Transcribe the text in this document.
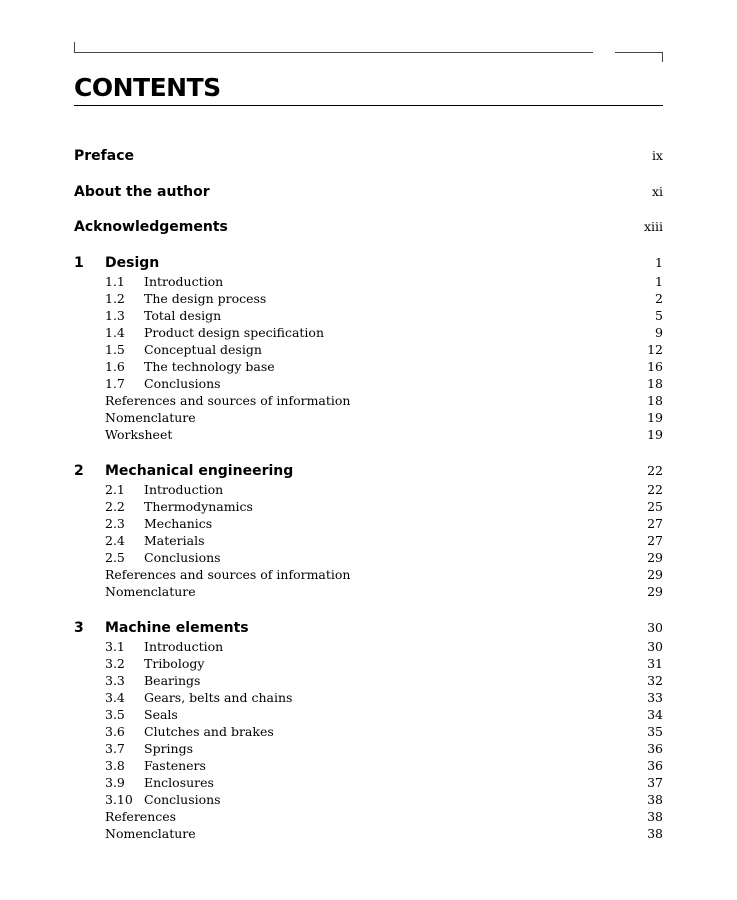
CONTENTS
Preface	ix
About the author	xi
Acknowledgements	xiii
1	Design	1
1.1	Introduction	1
1.2	The design process	2
1.3	Total design	5
1.4	Product design specification	9
1.5	Conceptual design	12
1.6	The technology base	16
1.7	Conclusions	18
References and sources of information	18
Nomenclature	19
Worksheet	19
2	Mechanical engineering	22
2.1	Introduction	22
2.2	Thermodynamics	25
2.3	Mechanics	27
2.4	Materials	27
2.5	Conclusions	29
References and sources of information	29
Nomenclature	29
3	Machine elements	30
3.1	Introduction	30
3.2	Tribology	31
3.3	Bearings	32
3.4	Gears, belts and chains	33
3.5	Seals	34
3.6	Clutches and brakes	35
3.7	Springs	36
3.8	Fasteners	36
3.9	Enclosures	37
3.10 Conclusions	38
References	38
Nomenclature	38
